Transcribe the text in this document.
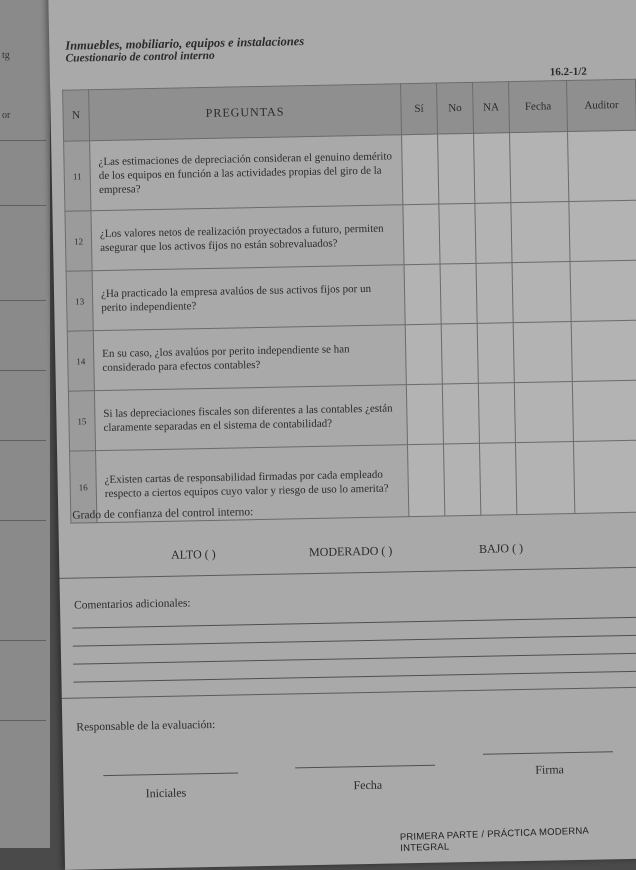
tg
or
Inmuebles, mobiliario, equipos e instalaciones
Cuestionario de control interno
16.2-1/2
N	PREGUNTAS	Sí	No	NA	Fecha	Auditor
11	¿Las estimaciones de depreciación consideran el genuino demérito de los equipos en función a las actividades propias del giro de la empresa?					
12	¿Los valores netos de realización proyectados a futuro, permiten asegurar que los activos fijos no están sobrevaluados?					
13	¿Ha practicado la empresa avalúos de sus activos fijos por un perito independiente?					
14	En su caso, ¿los avalúos por perito independiente se han considerado para efectos contables?					
15	Si las depreciaciones fiscales son diferentes a las contables ¿están claramente separadas en el sistema de contabilidad?					
16	¿Existen cartas de responsabilidad firmadas por cada empleado respecto a ciertos equipos cuyo valor y riesgo de uso lo amerita?					
Grado de confianza del control interno:
ALTO ( )	MODERADO ( )	BAJO ( )
Comentarios adicionales:
Responsable de la evaluación:
Iniciales
Fecha
Firma
PRIMERA PARTE / PRÁCTICA MODERNA INTEGRAL
